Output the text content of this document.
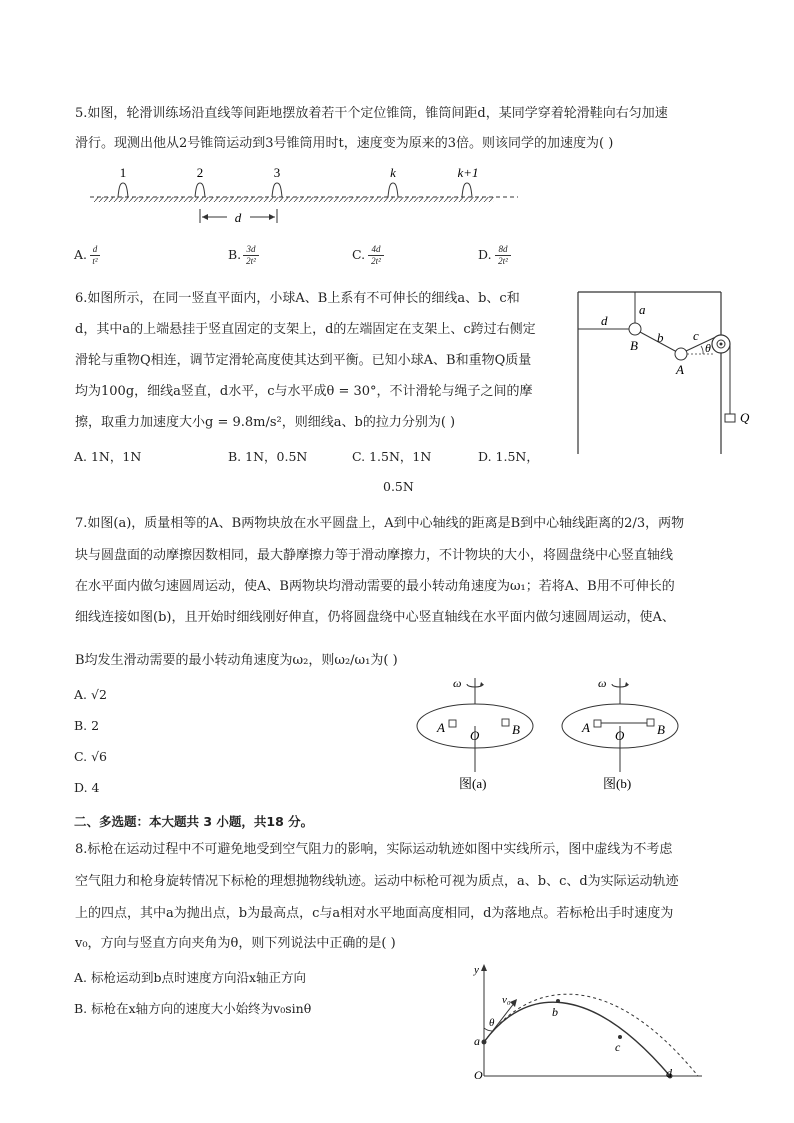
5.如图，轮滑训练场沿直线等间距地摆放着若干个定位锥筒，锥筒间距d，某同学穿着轮滑鞋向右匀加速
滑行。现测出他从2号锥筒运动到3号锥筒用时t，速度变为原来的3倍。则该同学的加速度为( )
1	2	3	k	k+1
d
A. d
t²	B. 3d
2t²	C. 4d
2t²	D. 8d
2t²
6.如图所示，在同一竖直平面内，小球A、B上系有不可伸长的细线a、b、c和
d，其中a的上端悬挂于竖直固定的支架上，d的左端固定在支架上、c跨过右侧定
滑轮与重物Q相连，调节定滑轮高度使其达到平衡。已知小球A、B和重物Q质量
均为100g，细线a竖直，d水平，c与水平成θ = 30°，不计滑轮与绳子之间的摩
擦，取重力加速度大小g = 9.8m/s²，则细线a、b的拉力分别为( )
A. 1N，1N	B. 1N，0.5N	C. 1.5N，1N	D. 1.5N，
0.5N
a
b c
d
A
B	θ
Q
7.如图(a)，质量相等的A、B两物块放在水平圆盘上，A到中心轴线的距离是B到中心轴线距离的2/3，两物
块与圆盘面的动摩擦因数相同，最大静摩擦力等于滑动摩擦力，不计物块的大小，将圆盘绕中心竖直轴线
在水平面内做匀速圆周运动，使A、B两物块均滑动需要的最小转动角速度为ω₁；若将A、B用不可伸长的
细线连接如图(b)，且开始时细线刚好伸直，仍将圆盘绕中心竖直轴线在水平面内做匀速圆周运动，使A、
B均发生滑动需要的最小转动角速度为ω₂，则ω₂/ω₁为( )
A. √2
B. 2
C. √6
D. 4
ω
A
O	B
图(a)
ω
A
O	B
图(b)
二、多选题：本大题共 3 小题，共18 分。
8.标枪在运动过程中不可避免地受到空气阻力的影响，实际运动轨迹如图中实线所示，图中虚线为不考虑
空气阻力和枪身旋转情况下标枪的理想抛物线轨迹。运动中标枪可视为质点，a、b、c、d为实际运动轨迹
上的四点，其中a为抛出点，b为最高点，c与a相对水平地面高度相同，d为落地点。若标枪出手时速度为
v₀，方向与竖直方向夹角为θ，则下列说法中正确的是( )
A. 标枪运动到b点时速度方向沿x轴正方向
B. 标枪在x轴方向的速度大小始终为v₀sinθ
y
v₀
θ
b
a	c
O	d
